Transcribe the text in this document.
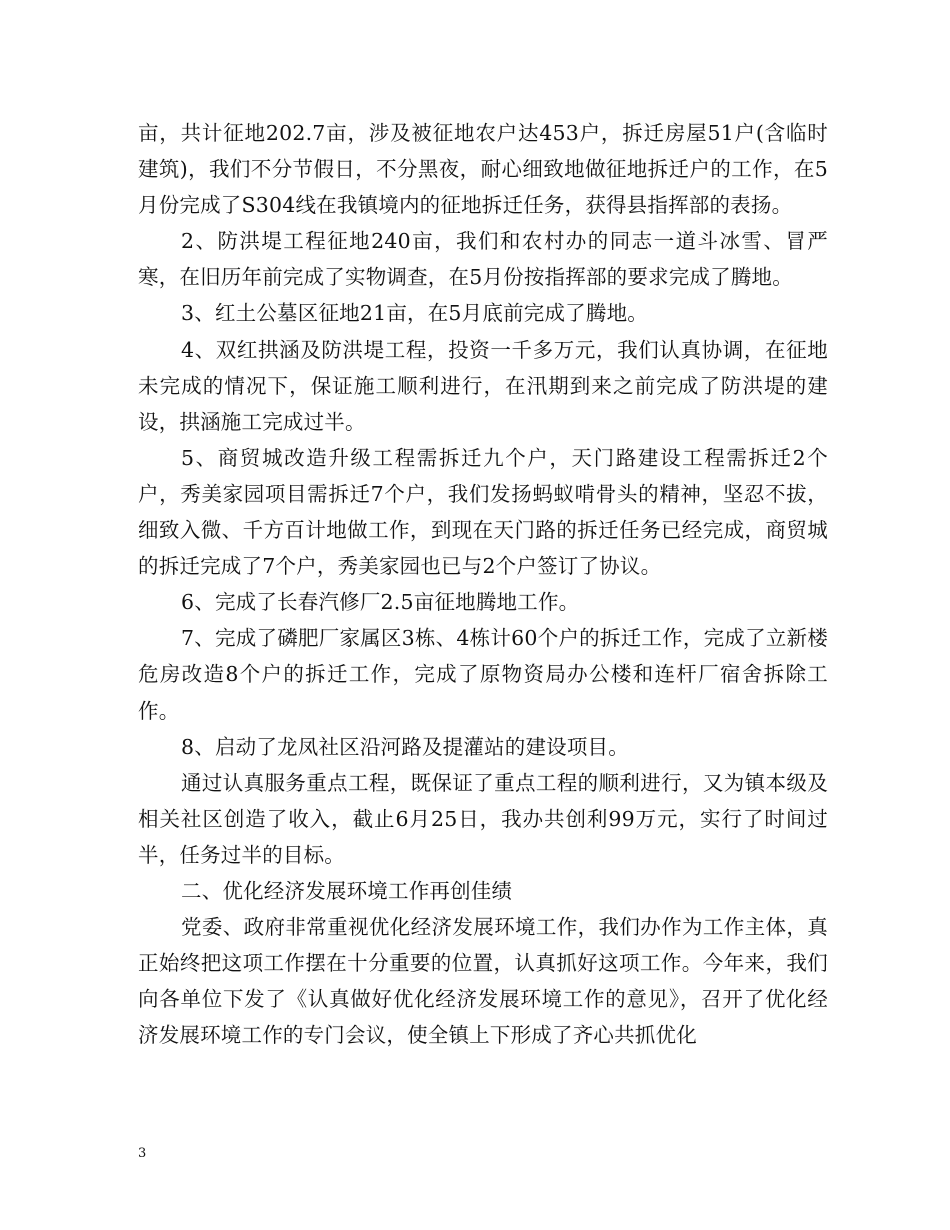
亩，共计征地202.7亩，涉及被征地农户达453户，拆迁房屋51户(含临时建筑)，我们不分节假日，不分黑夜，耐心细致地做征地拆迁户的工作，在5月份完成了S304线在我镇境内的征地拆迁任务，获得县指挥部的表扬。

2、防洪堤工程征地240亩，我们和农村办的同志一道斗冰雪、冒严寒，在旧历年前完成了实物调查，在5月份按指挥部的要求完成了腾地。

3、红土公墓区征地21亩，在5月底前完成了腾地。

4、双红拱涵及防洪堤工程，投资一千多万元，我们认真协调，在征地未完成的情况下，保证施工顺利进行，在汛期到来之前完成了防洪堤的建设，拱涵施工完成过半。

5、商贸城改造升级工程需拆迁九个户，天门路建设工程需拆迁2个户，秀美家园项目需拆迁7个户，我们发扬蚂蚁啃骨头的精神，坚忍不拔，细致入微、千方百计地做工作，到现在天门路的拆迁任务已经完成，商贸城的拆迁完成了7个户，秀美家园也已与2个户签订了协议。

6、完成了长春汽修厂2.5亩征地腾地工作。

7、完成了磷肥厂家属区3栋、4栋计60个户的拆迁工作，完成了立新楼危房改造8个户的拆迁工作，完成了原物资局办公楼和连杆厂宿舍拆除工作。

8、启动了龙凤社区沿河路及提灌站的建设项目。

通过认真服务重点工程，既保证了重点工程的顺利进行，又为镇本级及相关社区创造了收入，截止6月25日，我办共创利99万元，实行了时间过半，任务过半的目标。

二、优化经济发展环境工作再创佳绩

党委、政府非常重视优化经济发展环境工作，我们办作为工作主体，真正始终把这项工作摆在十分重要的位置，认真抓好这项工作。今年来，我们向各单位下发了《认真做好优化经济发展环境工作的意见》，召开了优化经济发展环境工作的专门会议，使全镇上下形成了齐心共抓优化

3
